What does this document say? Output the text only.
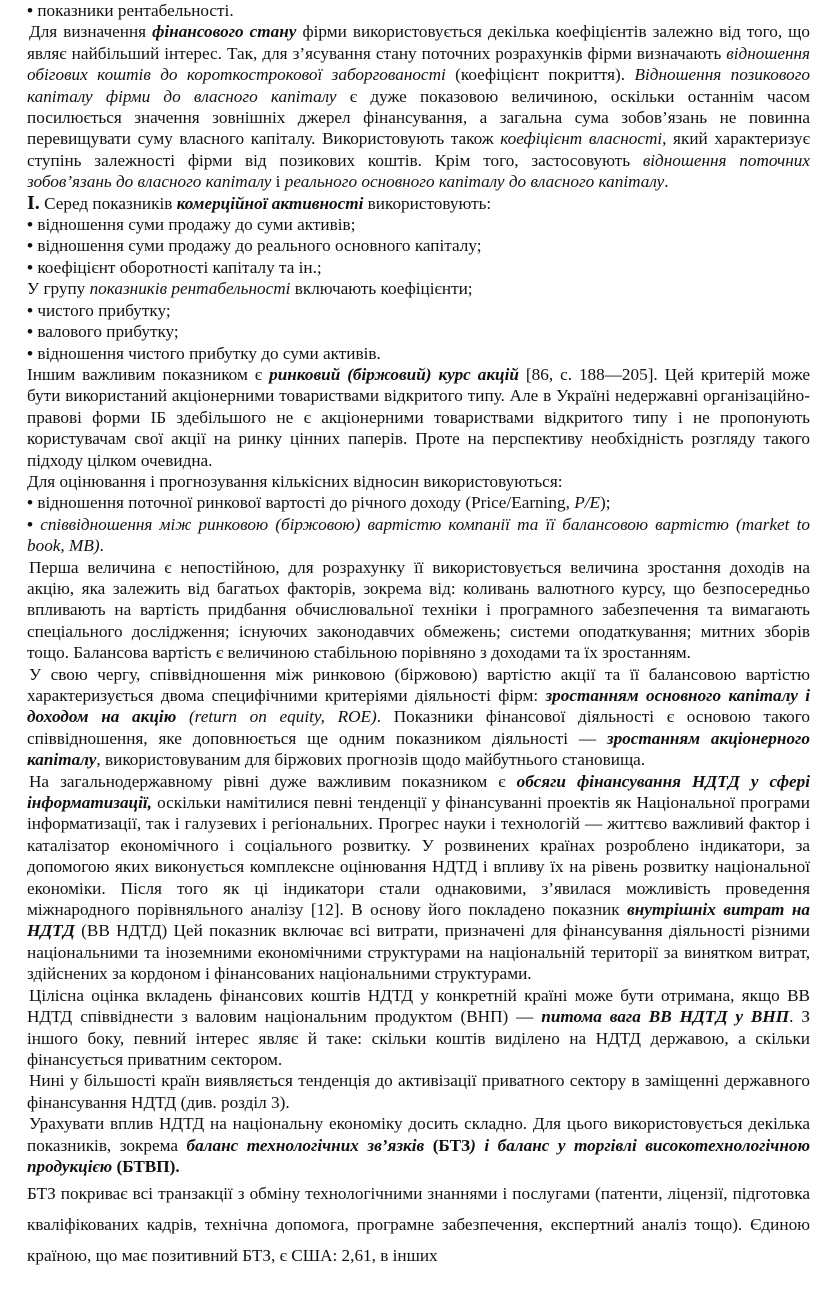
• показники рентабельності.

Для визначення фінансового стану фірми використовується декілька коефіцієнтів залежно від того, що являє найбільший інтерес. Так, для з’ясування стану поточних розрахунків фірми визначають відношення обігових коштів до короткострокової заборгованості (коефіцієнт покриття). Відношення позикового капіталу фірми до власного капіталу є дуже показовою величиною, оскільки останнім часом посилюється значення зовнішніх джерел фінансування, а загальна сума зобов’язань не повинна перевищувати суму власного капіталу. Використовують також коефіцієнт власності, який характеризує ступінь залежності фірми від позикових коштів. Крім того, застосовують відношення поточних зобов’язань до власного капіталу і реального основного капіталу до власного капіталу.

I. Серед показників комерційної активності використовують:

• відношення суми продажу до суми активів;

• відношення суми продажу до реального основного капіталу;

• коефіцієнт оборотності капіталу та ін.;

У групу показників рентабельності включають коефіцієнти;

• чистого прибутку;

• валового прибутку;

• відношення чистого прибутку до суми активів.

Іншим важливим показником є ринковий (біржовий) курс акцій [86, с. 188—205]. Цей критерій може бути використаний акціонерними товариствами відкритого типу. Але в Україні недержавні організаційно-правові форми ІБ здебільшого не є акціонерними товариствами відкритого типу і не пропонують користувачам свої акції на ринку цінних паперів. Проте на перспективу необхідність розгляду такого підходу цілком очевидна.

Для оцінювання і прогнозування кількісних відносин використовуються:

• відношення поточної ринкової вартості до річного доходу (Price/Earning, Р/Е);

• співвідношення між ринковою (біржовою) вартістю компанії та її балансовою вартістю (market to book, MB).

Перша величина є непостійною, для розрахунку її використовується величина зростання доходів на акцію, яка залежить від багатьох факторів, зокрема від: коливань валютного курсу, що безпосередньо впливають на вартість придбання обчислювальної техніки і програмного забезпечення та вимагають спеціального дослідження; існуючих законодавчих обмежень; системи оподаткування; митних зборів тощо. Балансова вартість є величиною стабільною порівняно з доходами та їх зростанням.

У свою чергу, співвідношення між ринковою (біржовою) вартістю акції та її балансовою вартістю характеризується двома специфічними критеріями діяльності фірм: зростанням основного капіталу і доходом на акцію (return on equity, ROE). Показники фінансової діяльності є основою такого співвідношення, яке доповнюється ще одним показником діяльності — зростанням акціонерного капіталу, використовуваним для біржових прогнозів щодо майбутнього становища.

На загальнодержавному рівні дуже важливим показником є обсяги фінансування НДТД у сфері інформатизації, оскільки намітилися певні тенденції у фінансуванні проектів як Національної програми інформатизації, так і галузевих і регіональних. Прогрес науки і технологій — життєво важливий фактор і каталізатор економічного і соціального розвитку. У розвинених країнах розроблено індикатори, за допомогою яких виконується комплексне оцінювання НДТД і впливу їх на рівень розвитку національної економіки. Після того як ці індикатори стали однаковими, з’явилася можливість проведення міжнародного порівняльного аналізу [12]. В основу його покладено показник внутрішніх витрат на НДТД (ВВ НДТД) Цей показник включає всі витрати, призначені для фінансування діяльності різними національними та іноземними економічними структурами на національній території за винятком витрат, здійснених за кордоном і фінансованих національними структурами.

Цілісна оцінка вкладень фінансових коштів НДТД у конкретній країні може бути отримана, якщо ВВ НДТД співвіднести з валовим національним продуктом (ВНП) — питома вага ВВ НДТД у ВНП. З іншого боку, певний інтерес являє й таке: скільки коштів виділено на НДТД державою, а скільки фінансується приватним сектором.

Нині у більшості країн виявляється тенденція до активізації приватного сектору в заміщенні державного фінансування НДТД (див. розділ 3).

Урахувати вплив НДТД на національну економіку досить складно. Для цього використовується декілька показників, зокрема баланс технологічних зв’язків (БТЗ) і баланс у торгівлі високотехнологічною продукцією (БТВП).

БТЗ покриває всі транзакції з обміну технологічними знаннями і послугами (патенти, ліцензії, підготовка кваліфікованих кадрів, технічна допомога, програмне забезпечення, експертний аналіз тощо). Єдиною країною, що має позитивний БТЗ, є США: 2,61, в інших
